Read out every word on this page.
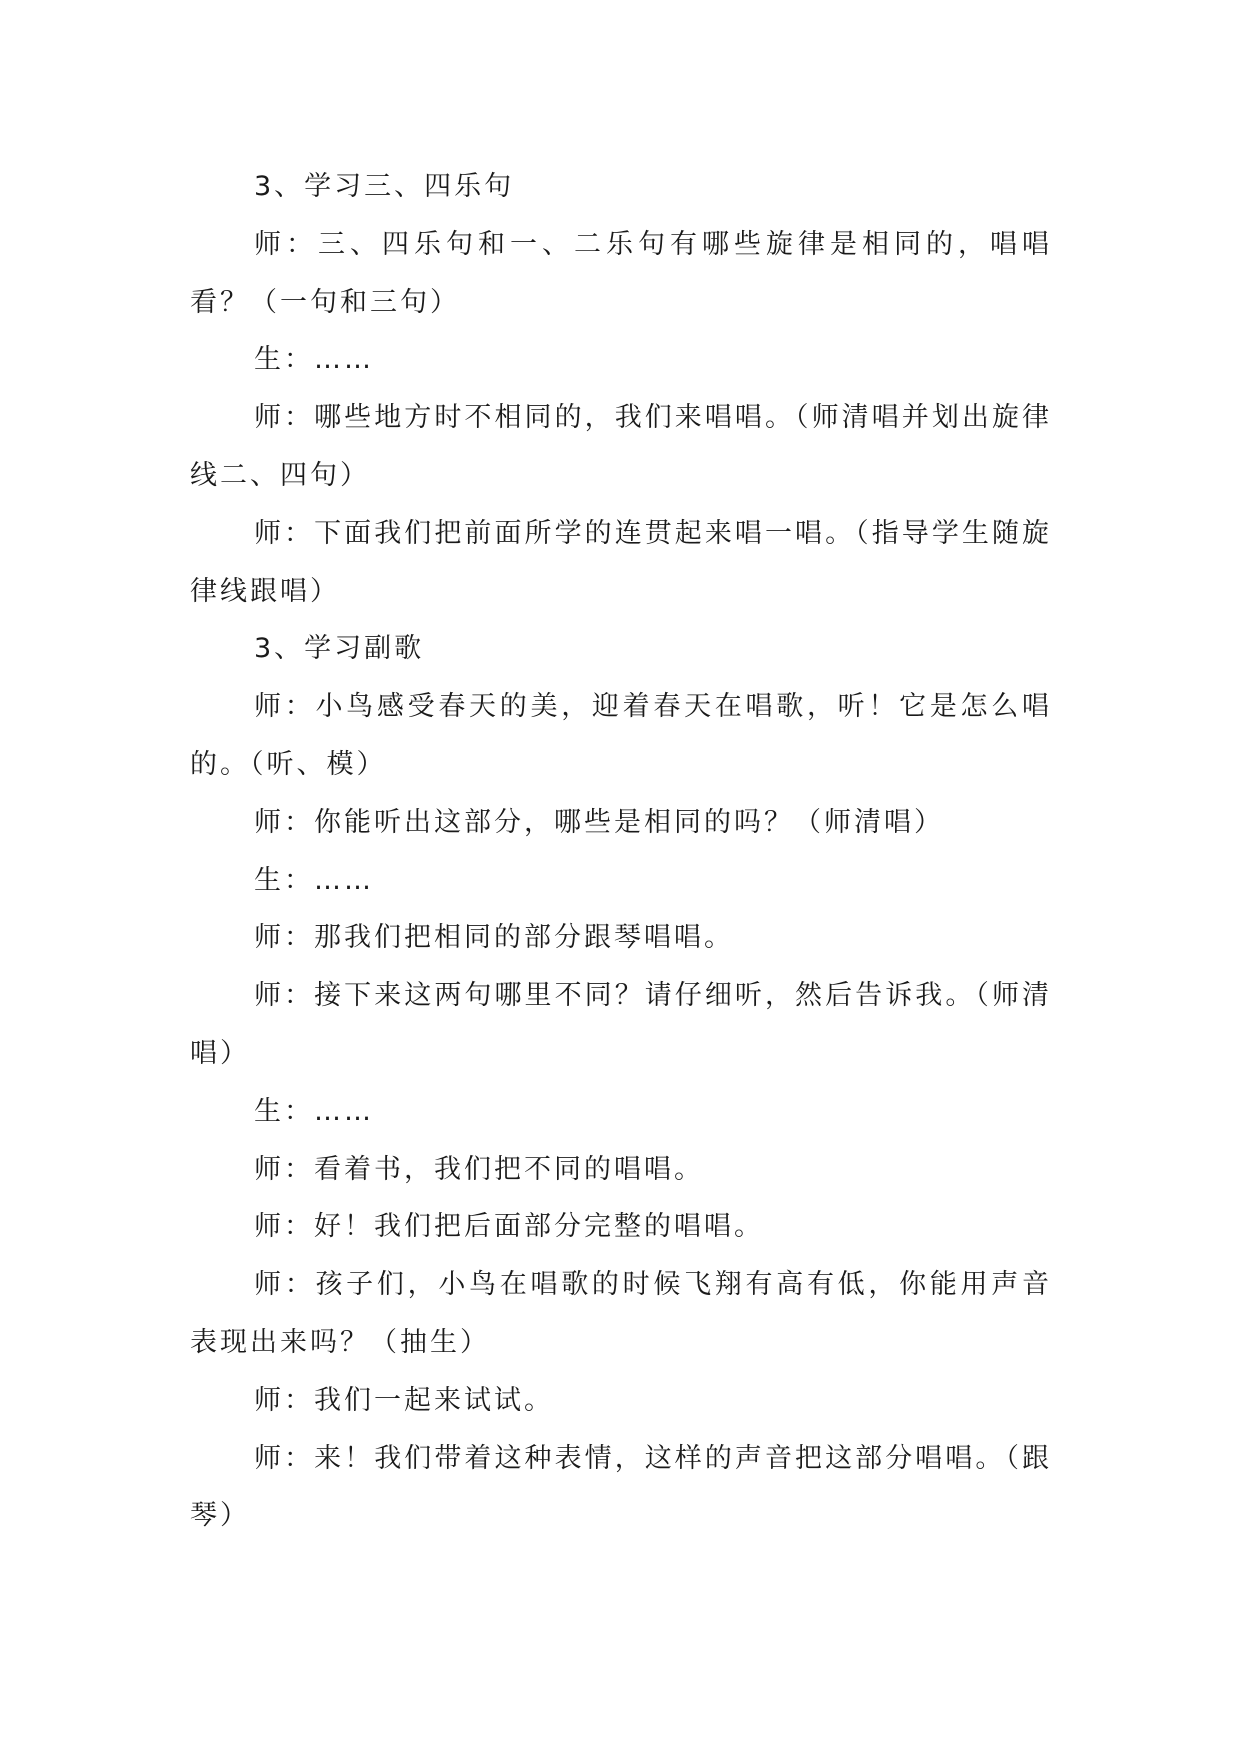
3、学习三、四乐句

师：三、四乐句和一、二乐句有哪些旋律是相同的，唱唱看？（一句和三句）

生：……

师：哪些地方时不相同的，我们来唱唱。（师清唱并划出旋律线二、四句）

师：下面我们把前面所学的连贯起来唱一唱。（指导学生随旋律线跟唱）

3、学习副歌

师：小鸟感受春天的美，迎着春天在唱歌，听！它是怎么唱的。（听、模）

师：你能听出这部分，哪些是相同的吗？（师清唱）

生：……

师：那我们把相同的部分跟琴唱唱。

师：接下来这两句哪里不同？请仔细听，然后告诉我。（师清唱）

生：……

师：看着书，我们把不同的唱唱。

师：好！我们把后面部分完整的唱唱。

师：孩子们，小鸟在唱歌的时候飞翔有高有低，你能用声音表现出来吗？（抽生）

师：我们一起来试试。

师：来！我们带着这种表情，这样的声音把这部分唱唱。（跟琴）
